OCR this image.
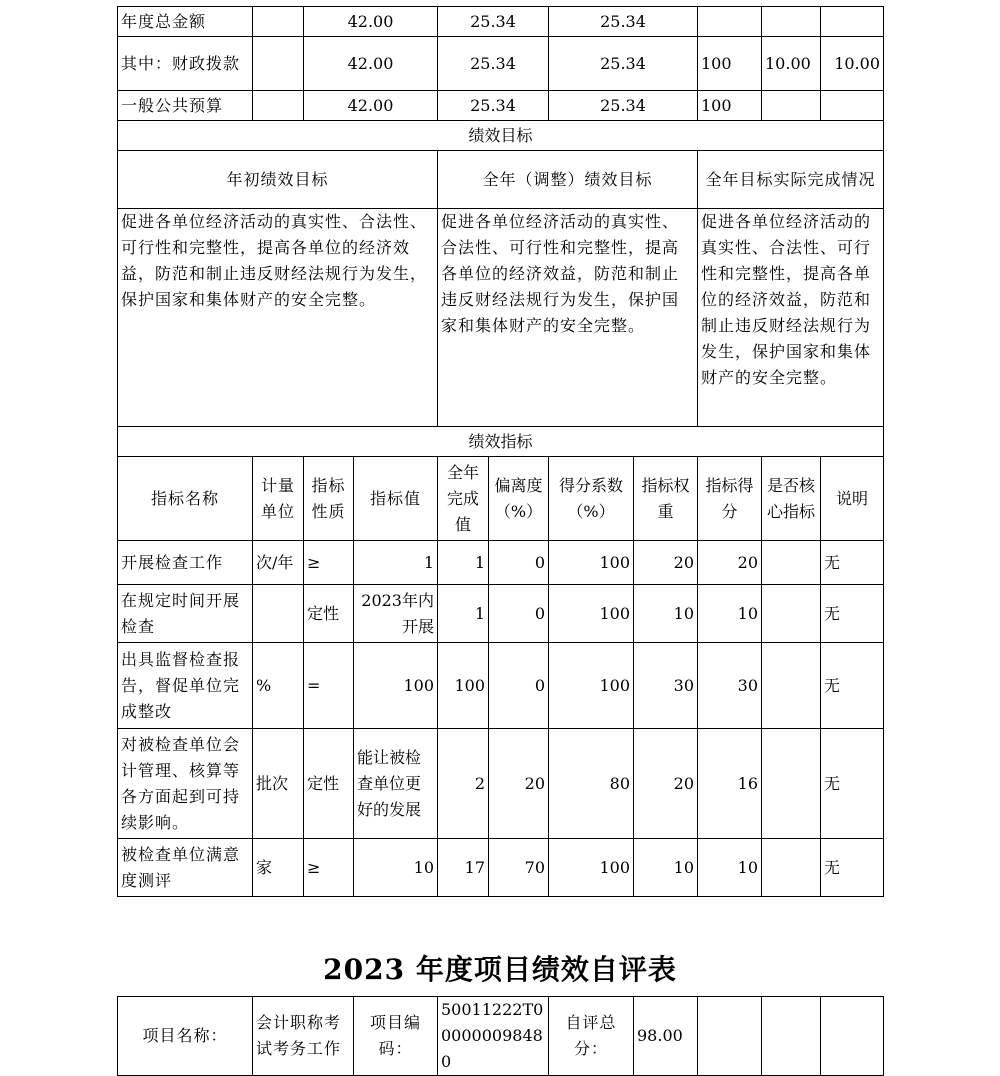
年度总金额		42.00		25.34		25.34				
其中：财政拨款		42.00		25.34		25.34		100	10.00	10.00
一般公共预算		42.00		25.34		25.34		100		
绩效目标										
年初绩效目标				全年（调整）绩效目标				全年目标实际完成情况		
促进各单位经济活动的真实性、合法性、可行性和完整性，提高各单位的经济效益，防范和制止违反财经法规行为发生，保护国家和集体财产的安全完整。				促进各单位经济活动的真实性、合法性、可行性和完整性，提高各单位的经济效益，防范和制止违反财经法规行为发生，保护国家和集体财产的安全完整。				促进各单位经济活动的真实性、合法性、可行性和完整性，提高各单位的经济效益，防范和制止违反财经法规行为发生，保护国家和集体财产的安全完整。		
绩效指标										
指标名称	计量单位	指标性质	指标值	全年完成值	偏离度（%）	得分系数（%）	指标权重	指标得分	是否核心指标	说明
开展检查工作	次/年	≥	1	1	0	100	20	20		无
在规定时间开展检查		定性	2023年内开展	1	0	100	10	10		无
出具监督检查报告，督促单位完成整改	%	=	100	100	0	100	30	30		无
对被检查单位会计管理、核算等各方面起到可持续影响。	批次	定性	能让被检查单位更好的发展	2	20	80	20	16		无
被检查单位满意度测评	家	≥	10	17	70	100	10	10		无
2023 年度项目绩效自评表
项目名称：	会计职称考试考务工作	项目编码：	50011222T000000098480	自评总分：	98.00			
